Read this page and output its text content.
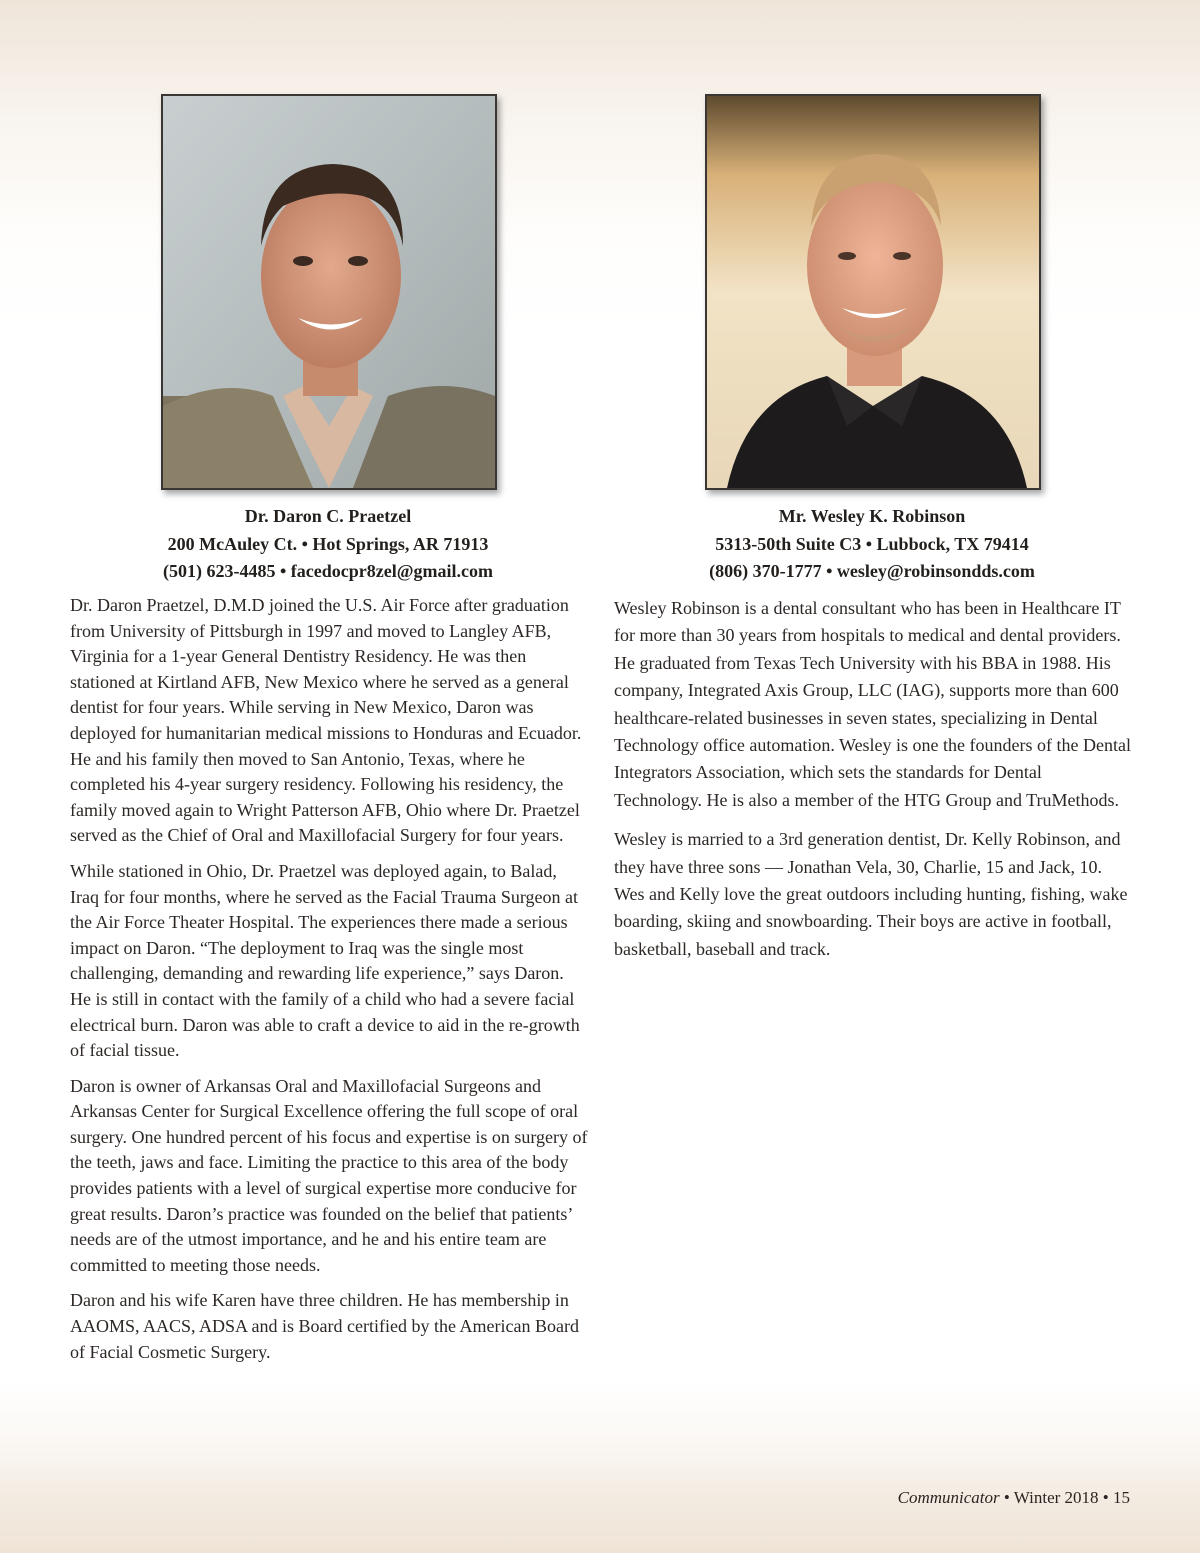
Dr. Daron C. Praetzel
200 McAuley Ct. • Hot Springs, AR 71913
(501) 623-4485 • facedocpr8zel@gmail.com
Mr. Wesley K. Robinson
5313-50th Suite C3 • Lubbock, TX 79414
(806) 370-1777 • wesley@robinsondds.com

Dr. Daron Praetzel, D.M.D joined the U.S. Air Force after graduation from University of Pittsburgh in 1997 and moved to Langley AFB, Virginia for a 1-year General Dentistry Residency. He was then stationed at Kirtland AFB, New Mexico where he served as a general dentist for four years. While serving in New Mexico, Daron was deployed for humanitarian medical missions to Honduras and Ecuador. He and his family then moved to San Antonio, Texas, where he completed his 4-year surgery residency. Following his residency, the family moved again to Wright Patterson AFB, Ohio where Dr. Praetzel served as the Chief of Oral and Maxillofacial Surgery for four years.

While stationed in Ohio, Dr. Praetzel was deployed again, to Balad, Iraq for four months, where he served as the Facial Trauma Surgeon at the Air Force Theater Hospital. The experiences there made a serious impact on Daron. “The deployment to Iraq was the single most challenging, demanding and rewarding life experience,” says Daron. He is still in contact with the family of a child who had a severe facial electrical burn. Daron was able to craft a device to aid in the re-growth of facial tissue.

Daron is owner of Arkansas Oral and Maxillofacial Surgeons and Arkansas Center for Surgical Excellence offering the full scope of oral surgery. One hundred percent of his focus and expertise is on surgery of the teeth, jaws and face. Limiting the practice to this area of the body provides patients with a level of surgical expertise more conducive for great results. Daron’s practice was founded on the belief that patients’ needs are of the utmost importance, and he and his entire team are committed to meeting those needs.

Daron and his wife Karen have three children. He has membership in AAOMS, AACS, ADSA and is Board certified by the American Board of Facial Cosmetic Surgery.

Wesley Robinson is a dental consultant who has been in Healthcare IT for more than 30 years from hospitals to medical and dental providers. He graduated from Texas Tech University with his BBA in 1988. His company, Integrated Axis Group, LLC (IAG), supports more than 600 healthcare-related businesses in seven states, specializing in Dental Technology office automation. Wesley is one the founders of the Dental Integrators Association, which sets the standards for Dental Technology. He is also a member of the HTG Group and TruMethods.

Wesley is married to a 3rd generation dentist, Dr. Kelly Robinson, and they have three sons — Jonathan Vela, 30, Charlie, 15 and Jack, 10. Wes and Kelly love the great outdoors including hunting, fishing, wake boarding, skiing and snowboarding. Their boys are active in football, basketball, baseball and track.

Communicator • Winter 2018 • 15
